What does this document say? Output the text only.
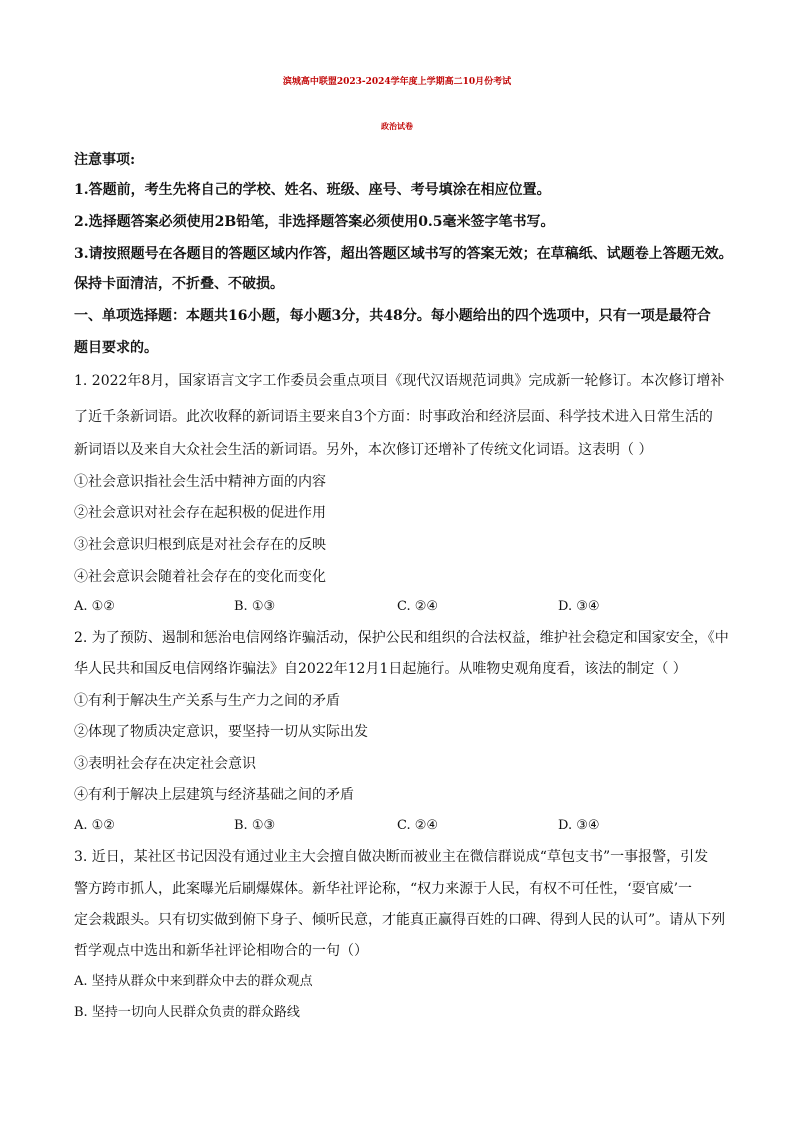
滨城高中联盟2023-2024学年度上学期高二10月份考试
政治试卷
注意事项:
1.答题前，考生先将自己的学校、姓名、班级、座号、考号填涂在相应位置。
2.选择题答案必须使用2B铅笔，非选择题答案必须使用0.5毫米签字笔书写。
3.请按照题号在各题目的答题区域内作答，超出答题区域书写的答案无效；在草稿纸、试题卷上答题无效。
保持卡面清洁，不折叠、不破损。
一、单项选择题：本题共16小题，每小题3分，共48分。每小题给出的四个选项中，只有一项是最符合
题目要求的。
1. 2022年8月，国家语言文字工作委员会重点项目《现代汉语规范词典》完成新一轮修订。本次修订增补
了近千条新词语。此次收释的新词语主要来自3个方面：时事政治和经济层面、科学技术进入日常生活的
新词语以及来自大众社会生活的新词语。另外，本次修订还增补了传统文化词语。这表明（ ）
①社会意识指社会生活中精神方面的内容
②社会意识对社会存在起积极的促进作用
③社会意识归根到底是对社会存在的反映
④社会意识会随着社会存在的变化而变化
A. ①②	B. ①③	C. ②④	D. ③④
2. 为了预防、遏制和惩治电信网络诈骗活动，保护公民和组织的合法权益，维护社会稳定和国家安全，《中
华人民共和国反电信网络诈骗法》自2022年12月1日起施行。从唯物史观角度看，该法的制定（ ）
①有利于解决生产关系与生产力之间的矛盾
②体现了物质决定意识，要坚持一切从实际出发
③表明社会存在决定社会意识
④有利于解决上层建筑与经济基础之间的矛盾
A. ①②	B. ①③	C. ②④	D. ③④
3. 近日，某社区书记因没有通过业主大会擅自做决断而被业主在微信群说成“草包支书”一事报警，引发
警方跨市抓人，此案曝光后刷爆媒体。新华社评论称，“权力来源于人民，有权不可任性，‘耍官威’一
定会栽跟头。只有切实做到俯下身子、倾听民意，才能真正赢得百姓的口碑、得到人民的认可”。请从下列
哲学观点中选出和新华社评论相吻合的一句（）
A. 坚持从群众中来到群众中去的群众观点
B. 坚持一切向人民群众负责的群众路线
